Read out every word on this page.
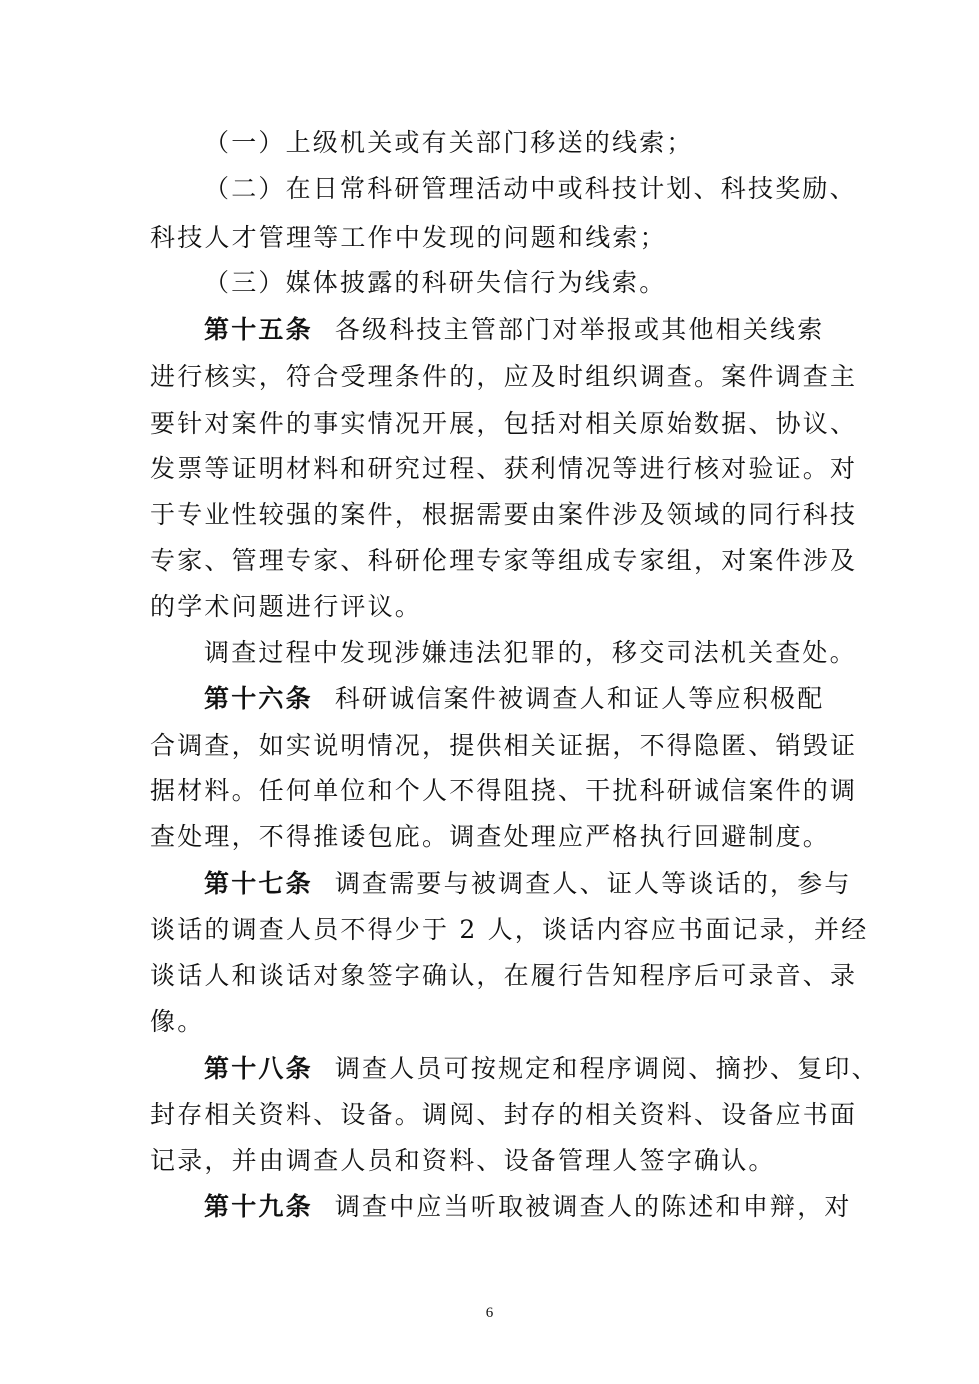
（一）上级机关或有关部门移送的线索；
（二）在日常科研管理活动中或科技计划、科技奖励、
科技人才管理等工作中发现的问题和线索；
（三）媒体披露的科研失信行为线索。
第十五条 各级科技主管部门对举报或其他相关线索
进行核实，符合受理条件的，应及时组织调查。案件调查主
要针对案件的事实情况开展，包括对相关原始数据、协议、
发票等证明材料和研究过程、获利情况等进行核对验证。对
于专业性较强的案件，根据需要由案件涉及领域的同行科技
专家、管理专家、科研伦理专家等组成专家组，对案件涉及
的学术问题进行评议。
调查过程中发现涉嫌违法犯罪的，移交司法机关查处。
第十六条 科研诚信案件被调查人和证人等应积极配
合调查，如实说明情况，提供相关证据，不得隐匿、销毁证
据材料。任何单位和个人不得阻挠、干扰科研诚信案件的调
查处理，不得推诿包庇。调查处理应严格执行回避制度。
第十七条 调查需要与被调查人、证人等谈话的，参与
谈话的调查人员不得少于 2 人，谈话内容应书面记录，并经
谈话人和谈话对象签字确认，在履行告知程序后可录音、录
像。
第十八条 调查人员可按规定和程序调阅、摘抄、复印、
封存相关资料、设备。调阅、封存的相关资料、设备应书面
记录，并由调查人员和资料、设备管理人签字确认。
第十九条 调查中应当听取被调查人的陈述和申辩，对
6
